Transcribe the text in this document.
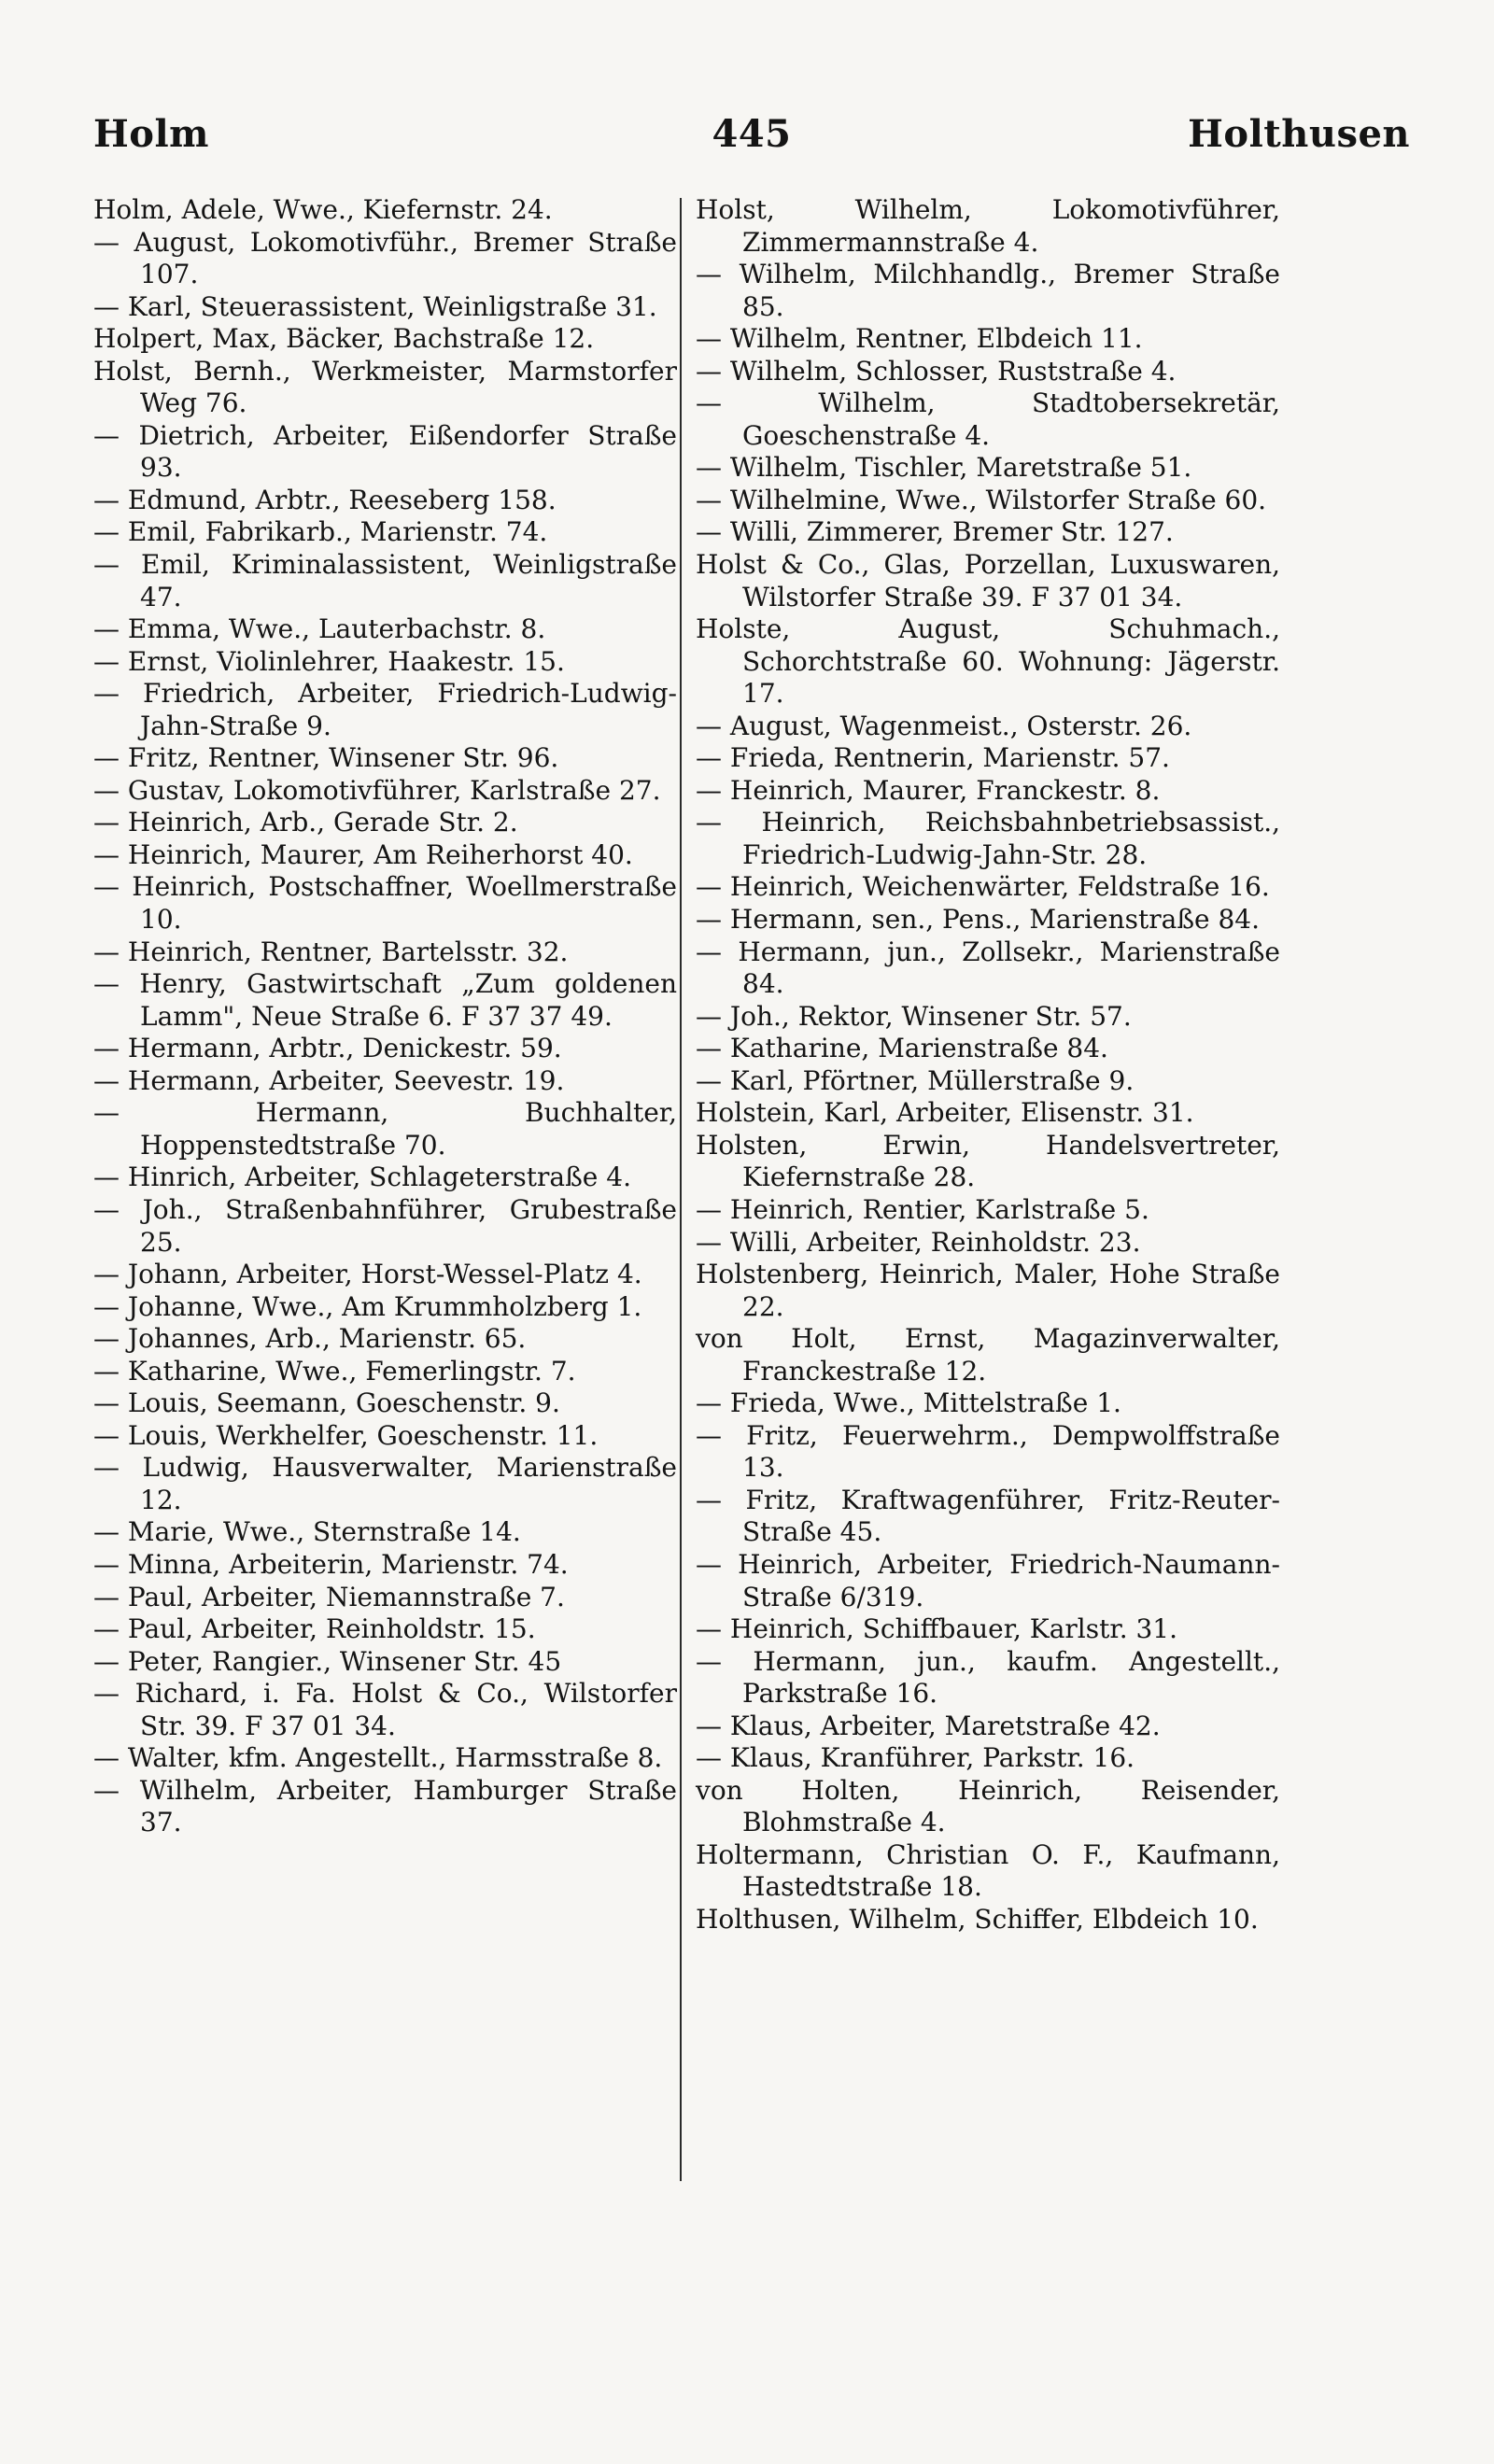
Holm	445	Holthusen

Holm, Adele, Wwe., Kiefernstr. 24.

— August, Lokomotivführ., Bremer Straße 107.

— Karl, Steuerassistent, Weinligstraße 31.

Holpert, Max, Bäcker, Bachstraße 12.

Holst, Bernh., Werkmeister, Marmstorfer Weg 76.

— Dietrich, Arbeiter, Eißendorfer Straße 93.

— Edmund, Arbtr., Reeseberg 158.

— Emil, Fabrikarb., Marienstr. 74.

— Emil, Kriminalassistent, Weinligstraße 47.

— Emma, Wwe., Lauterbachstr. 8.

— Ernst, Violinlehrer, Haakestr. 15.

— Friedrich, Arbeiter, Friedrich-Ludwig-Jahn-Straße 9.

— Fritz, Rentner, Winsener Str. 96.

— Gustav, Lokomotivführer, Karlstraße 27.

— Heinrich, Arb., Gerade Str. 2.

— Heinrich, Maurer, Am Reiherhorst 40.

— Heinrich, Postschaffner, Woellmerstraße 10.

— Heinrich, Rentner, Bartelsstr. 32.

— Henry, Gastwirtschaft „Zum goldenen Lamm", Neue Straße 6. F 37 37 49.

— Hermann, Arbtr., Denickestr. 59.

— Hermann, Arbeiter, Seevestr. 19.

— Hermann, Buchhalter, Hoppenstedtstraße 70.

— Hinrich, Arbeiter, Schlageterstraße 4.

— Joh., Straßenbahnführer, Grubestraße 25.

— Johann, Arbeiter, Horst-Wessel-Platz 4.

— Johanne, Wwe., Am Krummholzberg 1.

— Johannes, Arb., Marienstr. 65.

— Katharine, Wwe., Femerlingstr. 7.

— Louis, Seemann, Goeschenstr. 9.

— Louis, Werkhelfer, Goeschenstr. 11.

— Ludwig, Hausverwalter, Marienstraße 12.

— Marie, Wwe., Sternstraße 14.

— Minna, Arbeiterin, Marienstr. 74.

— Paul, Arbeiter, Niemannstraße 7.

— Paul, Arbeiter, Reinholdstr. 15.

— Peter, Rangier., Winsener Str. 45

— Richard, i. Fa. Holst & Co., Wilstorfer Str. 39. F 37 01 34.

— Walter, kfm. Angestellt., Harmsstraße 8.

— Wilhelm, Arbeiter, Hamburger Straße 37.

Holst, Wilhelm, Lokomotivführer, Zimmermannstraße 4.

— Wilhelm, Milchhandlg., Bremer Straße 85.

— Wilhelm, Rentner, Elbdeich 11.

— Wilhelm, Schlosser, Ruststraße 4.

— Wilhelm, Stadtobersekretär, Goeschenstraße 4.

— Wilhelm, Tischler, Maretstraße 51.

— Wilhelmine, Wwe., Wilstorfer Straße 60.

— Willi, Zimmerer, Bremer Str. 127.

Holst & Co., Glas, Porzellan, Luxuswaren, Wilstorfer Straße 39. F 37 01 34.

Holste, August, Schuhmach., Schorchtstraße 60. Wohnung: Jägerstr. 17.

— August, Wagenmeist., Osterstr. 26.

— Frieda, Rentnerin, Marienstr. 57.

— Heinrich, Maurer, Franckestr. 8.

— Heinrich, Reichsbahnbetriebsassist., Friedrich-Ludwig-Jahn-Str. 28.

— Heinrich, Weichenwärter, Feldstraße 16.

— Hermann, sen., Pens., Marienstraße 84.

— Hermann, jun., Zollsekr., Marienstraße 84.

— Joh., Rektor, Winsener Str. 57.

— Katharine, Marienstraße 84.

— Karl, Pförtner, Müllerstraße 9.

Holstein, Karl, Arbeiter, Elisenstr. 31.

Holsten, Erwin, Handelsvertreter, Kiefernstraße 28.

— Heinrich, Rentier, Karlstraße 5.

— Willi, Arbeiter, Reinholdstr. 23.

Holstenberg, Heinrich, Maler, Hohe Straße 22.

von Holt, Ernst, Magazinverwalter, Franckestraße 12.

— Frieda, Wwe., Mittelstraße 1.

— Fritz, Feuerwehrm., Dempwolffstraße 13.

— Fritz, Kraftwagenführer, Fritz-Reuter-Straße 45.

— Heinrich, Arbeiter, Friedrich-Naumann-Straße 6/319.

— Heinrich, Schiffbauer, Karlstr. 31.

— Hermann, jun., kaufm. Angestellt., Parkstraße 16.

— Klaus, Arbeiter, Maretstraße 42.

— Klaus, Kranführer, Parkstr. 16.

von Holten, Heinrich, Reisender, Blohmstraße 4.

Holtermann, Christian O. F., Kaufmann, Hastedtstraße 18.

Holthusen, Wilhelm, Schiffer, Elbdeich 10.
